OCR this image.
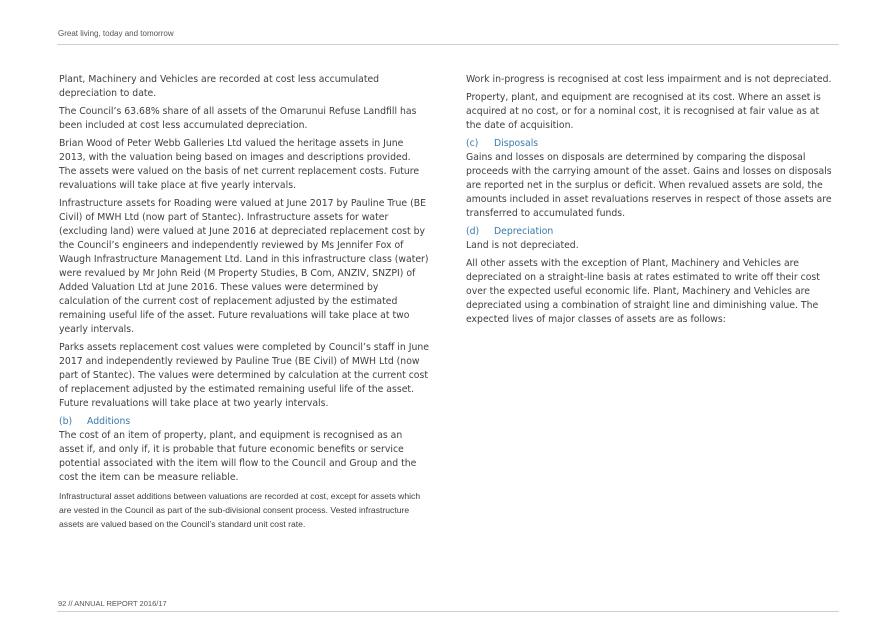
Great living, today and tomorrow

Plant, Machinery and Vehicles are recorded at cost less accumulated depreciation to date.

The Council’s 63.68% share of all assets of the Omarunui Refuse Landfill has been included at cost less accumulated depreciation.

Brian Wood of Peter Webb Galleries Ltd valued the heritage assets in June 2013, with the valuation being based on images and descriptions provided. The assets were valued on the basis of net current replacement costs. Future revaluations will take place at five yearly intervals.

Infrastructure assets for Roading were valued at June 2017 by Pauline True (BE Civil) of MWH Ltd (now part of Stantec). Infrastructure assets for water (excluding land) were valued at June 2016 at depreciated replacement cost by the Council’s engineers and independently reviewed by Ms Jennifer Fox of Waugh Infrastructure Management Ltd. Land in this infrastructure class (water) were revalued by Mr John Reid (M Property Studies, B Com, ANZIV, SNZPI) of Added Valuation Ltd at June 2016. These values were determined by calculation of the current cost of replacement adjusted by the estimated remaining useful life of the asset. Future revaluations will take place at two yearly intervals.

Parks assets replacement cost values were completed by Council’s staff in June 2017 and independently reviewed by Pauline True (BE Civil) of MWH Ltd (now part of Stantec). The values were determined by calculation at the current cost of replacement adjusted by the estimated remaining useful life of the asset. Future revaluations will take place at two yearly intervals.

(b) Additions

The cost of an item of property, plant, and equipment is recognised as an asset if, and only if, it is probable that future economic benefits or service potential associated with the item will flow to the Council and Group and the cost the item can be measure reliable.

Infrastructural asset additions between valuations are recorded at cost, except for assets which are vested in the Council as part of the sub-divisional consent process. Vested infrastructure assets are valued based on the Council’s standard unit cost rate.

Work in-progress is recognised at cost less impairment and is not depreciated.

Property, plant, and equipment are recognised at its cost. Where an asset is acquired at no cost, or for a nominal cost, it is recognised at fair value as at the date of acquisition.

(c) Disposals

Gains and losses on disposals are determined by comparing the disposal proceeds with the carrying amount of the asset. Gains and losses on disposals are reported net in the surplus or deficit. When revalued assets are sold, the amounts included in asset revaluations reserves in respect of those assets are transferred to accumulated funds.

(d) Depreciation

Land is not depreciated.

All other assets with the exception of Plant, Machinery and Vehicles are depreciated on a straight-line basis at rates estimated to write off their cost over the expected useful economic life. Plant, Machinery and Vehicles are depreciated using a combination of straight line and diminishing value. The expected lives of major classes of assets are as follows:

92 // ANNUAL REPORT 2016/17
